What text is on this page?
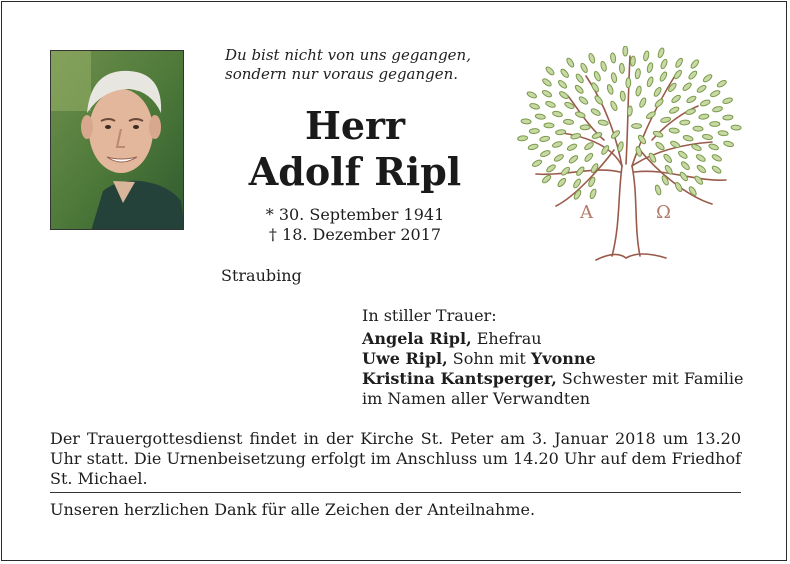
A	Ω
Du bist nicht von uns gegangen,
sondern nur voraus gegangen.
Herr
Adolf Ripl
* 30. September 1941
† 18. Dezember 2017
Straubing
In stiller Trauer:
Angela Ripl, Ehefrau
Uwe Ripl, Sohn mit Yvonne
Kristina Kantsperger, Schwester mit Familie
im Namen aller Verwandten
Der Trauergottesdienst findet in der Kirche St. Peter am 3. Januar 2018 um 13.20 Uhr statt. Die Urnenbeisetzung erfolgt im Anschluss um 14.20 Uhr auf dem Friedhof St. Michael.
Unseren herzlichen Dank für alle Zeichen der Anteilnahme.
